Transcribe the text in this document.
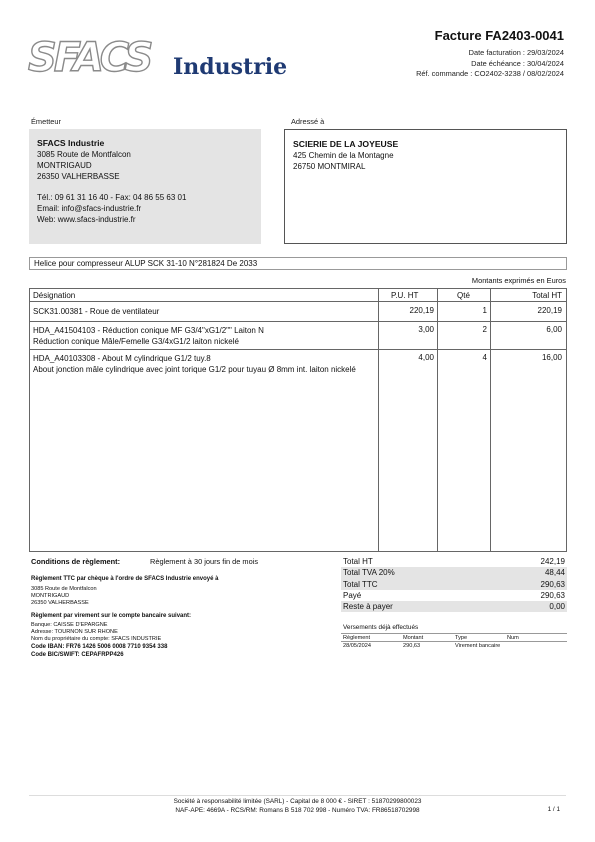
SFACS Industrie
Facture FA2403-0041
Date facturation : 29/03/2024
Date échéance : 30/04/2024
Réf. commande : CO2402-3238 / 08/02/2024
Émetteur
SFACS Industrie
3085 Route de Montfalcon
MONTRIGAUD
26350 VALHERBASSE
Tél.: 09 61 31 16 40 - Fax: 04 86 55 63 01
Email: info@sfacs-industrie.fr
Web: www.sfacs-industrie.fr
Adressé à
SCIERIE DE LA JOYEUSE
425 Chemin de la Montagne
26750 MONTMIRAL
Helice pour compresseur ALUP SCK 31-10 N°281824 De 2033
Montants exprimés en Euros
Désignation	P.U. HT	Qté	Total HT
SCK31.00381 - Roue de ventilateur	220,19	1	220,19
HDA_A41504103 - Réduction conique MF G3/4"xG1/2"" Laiton N
Réduction conique Mâle/Femelle G3/4xG1/2 laiton nickelé
3,00	2	6,00
HDA_A40103308 - About M cylindrique G1/2 tuy.8
About jonction mâle cylindrique avec joint torique G1/2 pour tuyau Ø 8mm int. laiton nickelé
4,00	4	16,00
Conditions de règlement:	Règlement à 30 jours fin de mois
Règlement TTC par chèque à l'ordre de SFACS Industrie envoyé à
3085 Route de Montfalcon
MONTRIGAUD
26350 VALHERBASSE
Règlement par virement sur le compte bancaire suivant:
Banque: CAISSE D'EPARGNE
Adresse: TOURNON SUR RHONE
Nom du propriétaire du compte: SFACS INDUSTRIE
Code IBAN: FR76 1426 5006 0008 7710 9354 338
Code BIC/SWIFT: CEPAFRPP426
Total HT	242,19
Total TVA 20%	48,44
Total TTC	290,63
Payé	290,63
Reste à payer	0,00
Versements déjà effectués
Règlement	Montant	Type	Num
28/05/2024	290,63	Virement bancaire
Société à responsabilité limitée (SARL) - Capital de 8 000 € - SIRET : 51870299800023
NAF-APE: 4669A - RCS/RM: Romans B 518 702 998 - Numéro TVA: FR86518702998	1 / 1
